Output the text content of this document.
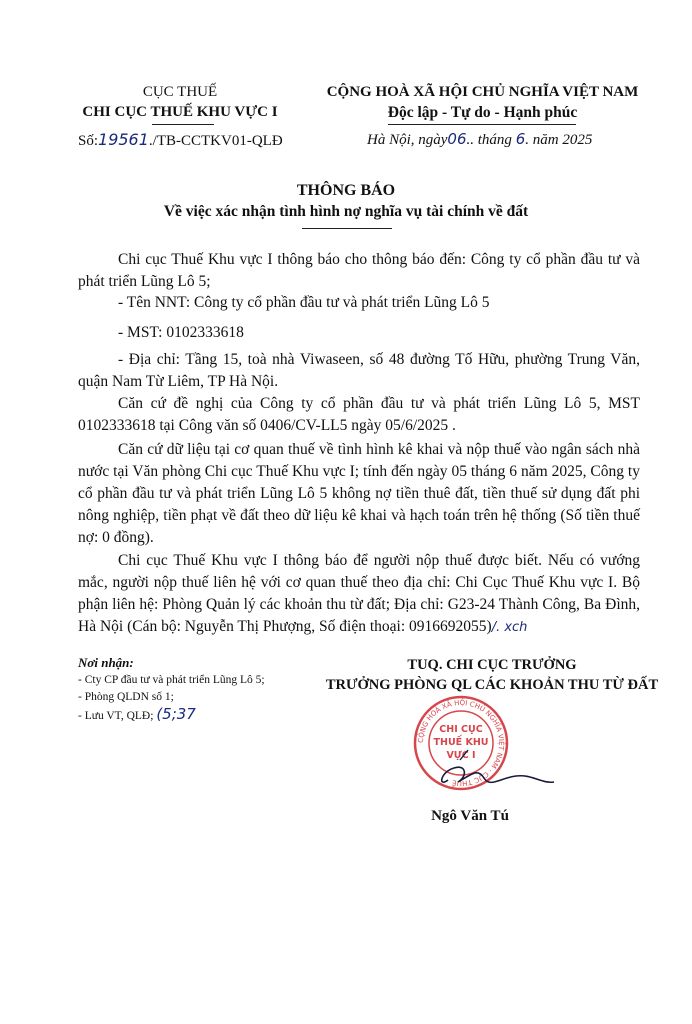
CỤC THUẾ
CHI CỤC THUẾ KHU VỰC I
Số:19561./TB-CCTKV01-QLĐ
CỘNG HOÀ XÃ HỘI CHỦ NGHĨA VIỆT NAM
Độc lập - Tự do - Hạnh phúc
Hà Nội, ngày06.. tháng 6. năm 2025
THÔNG BÁO
Về việc xác nhận tình hình nợ nghĩa vụ tài chính về đất
Chi cục Thuế Khu vực I thông báo cho thông báo đến: Công ty cổ phần đầu tư và phát triển Lũng Lô 5;
- Tên NNT: Công ty cổ phần đầu tư và phát triển Lũng Lô 5
- MST: 0102333618
- Địa chỉ: Tầng 15, toà nhà Viwaseen, số 48 đường Tố Hữu, phường Trung Văn, quận Nam Từ Liêm, TP Hà Nội.
Căn cứ đề nghị của Công ty cổ phần đầu tư và phát triển Lũng Lô 5, MST 0102333618 tại Công văn số 0406/CV-LL5 ngày 05/6/2025 .
Căn cứ dữ liệu tại cơ quan thuế về tình hình kê khai và nộp thuế vào ngân sách nhà nước tại Văn phòng Chi cục Thuế Khu vực I; tính đến ngày 05 tháng 6 năm 2025, Công ty cổ phần đầu tư và phát triển Lũng Lô 5 không nợ tiền thuê đất, tiền thuế sử dụng đất phi nông nghiệp, tiền phạt về đất theo dữ liệu kê khai và hạch toán trên hệ thống (Số tiền thuế nợ: 0 đồng).
Chi cục Thuế Khu vực I thông báo để người nộp thuế được biết. Nếu có vướng mắc, người nộp thuế liên hệ với cơ quan thuế theo địa chỉ: Chi Cục Thuế Khu vực I. Bộ phận liên hệ: Phòng Quản lý các khoản thu từ đất; Địa chỉ: G23-24 Thành Công, Ba Đình, Hà Nội (Cán bộ: Nguyễn Thị Phượng, Số điện thoại: 0916692055)/. xch
Nơi nhận:
- Cty CP đầu tư và phát triển Lũng Lô 5;
- Phòng QLDN số 1;
- Lưu VT, QLĐ; (5;37
TUQ. CHI CỤC TRƯỞNG
TRƯỞNG PHÒNG QL CÁC KHOẢN THU TỪ ĐẤT
CỘNG HOÀ XÃ HỘI CHỦ NGHĨA VIỆT NAM · CỤC THUẾ
CHI CỤC THUẾ KHU VỰC I
Ngô Văn Tú
